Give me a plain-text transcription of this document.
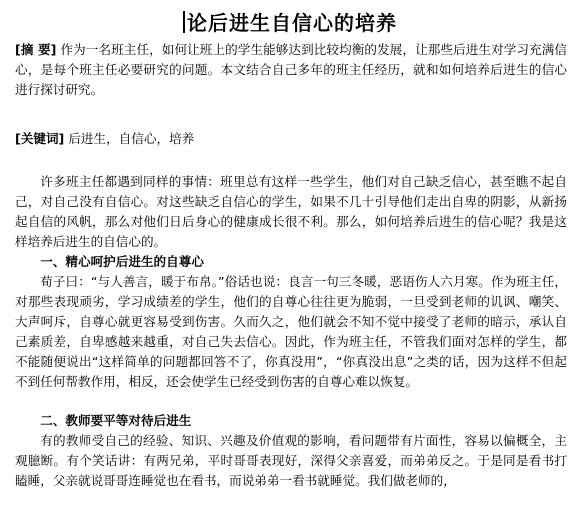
论后进生自信心的培养

[摘 要] 作为一名班主任，如何让班上的学生能够达到比较均衡的发展，让那些后进生对学习充满信心，是每个班主任必要研究的问题。本文结合自己多年的班主任经历，就和如何培养后进生的信心进行探讨研究。

[关键词] 后进生，自信心，培养

许多班主任都遇到同样的事情：班里总有这样一些学生，他们对自己缺乏信心，甚至瞧不起自己，对自己没有自信心。对这些缺乏自信心的学生，如果不几十引导他们走出自卑的阴影，从新扬起自信的风帆，那么对他们日后身心的健康成长很不利。那么，如何培养后进生的信心呢？我是这样培养后进生的自信心的。

一、精心呵护后进生的自尊心

荀子曰：“与人善言，暖于布帛。”俗话也说：良言一句三冬暖，恶语伤人六月寒。作为班主任，对那些表现顽劣，学习成绩差的学生，他们的自尊心往往更为脆弱，一旦受到老师的讥讽、嘲笑、大声呵斥，自尊心就更容易受到伤害。久而久之，他们就会不知不觉中接受了老师的暗示，承认自己素质差，自卑感越来越重，对自己失去信心。因此，作为班主任，不管我们面对怎样的学生，都不能随便说出“这样简单的问题都回答不了，你真没用”，“你真没出息”之类的话，因为这样不但起不到任何帮教作用，相反，还会使学生已经受到伤害的自尊心难以恢复。

二、教师要平等对待后进生

有的教师受自己的经验、知识、兴趣及价值观的影响，看问题带有片面性，容易以偏概全，主观臆断。有个笑话讲：有两兄弟，平时哥哥表现好，深得父亲喜爱，而弟弟反之。于是同是看书打瞌睡，父亲就说哥哥连睡觉也在看书，而说弟弟一看书就睡觉。我们做老师的，
